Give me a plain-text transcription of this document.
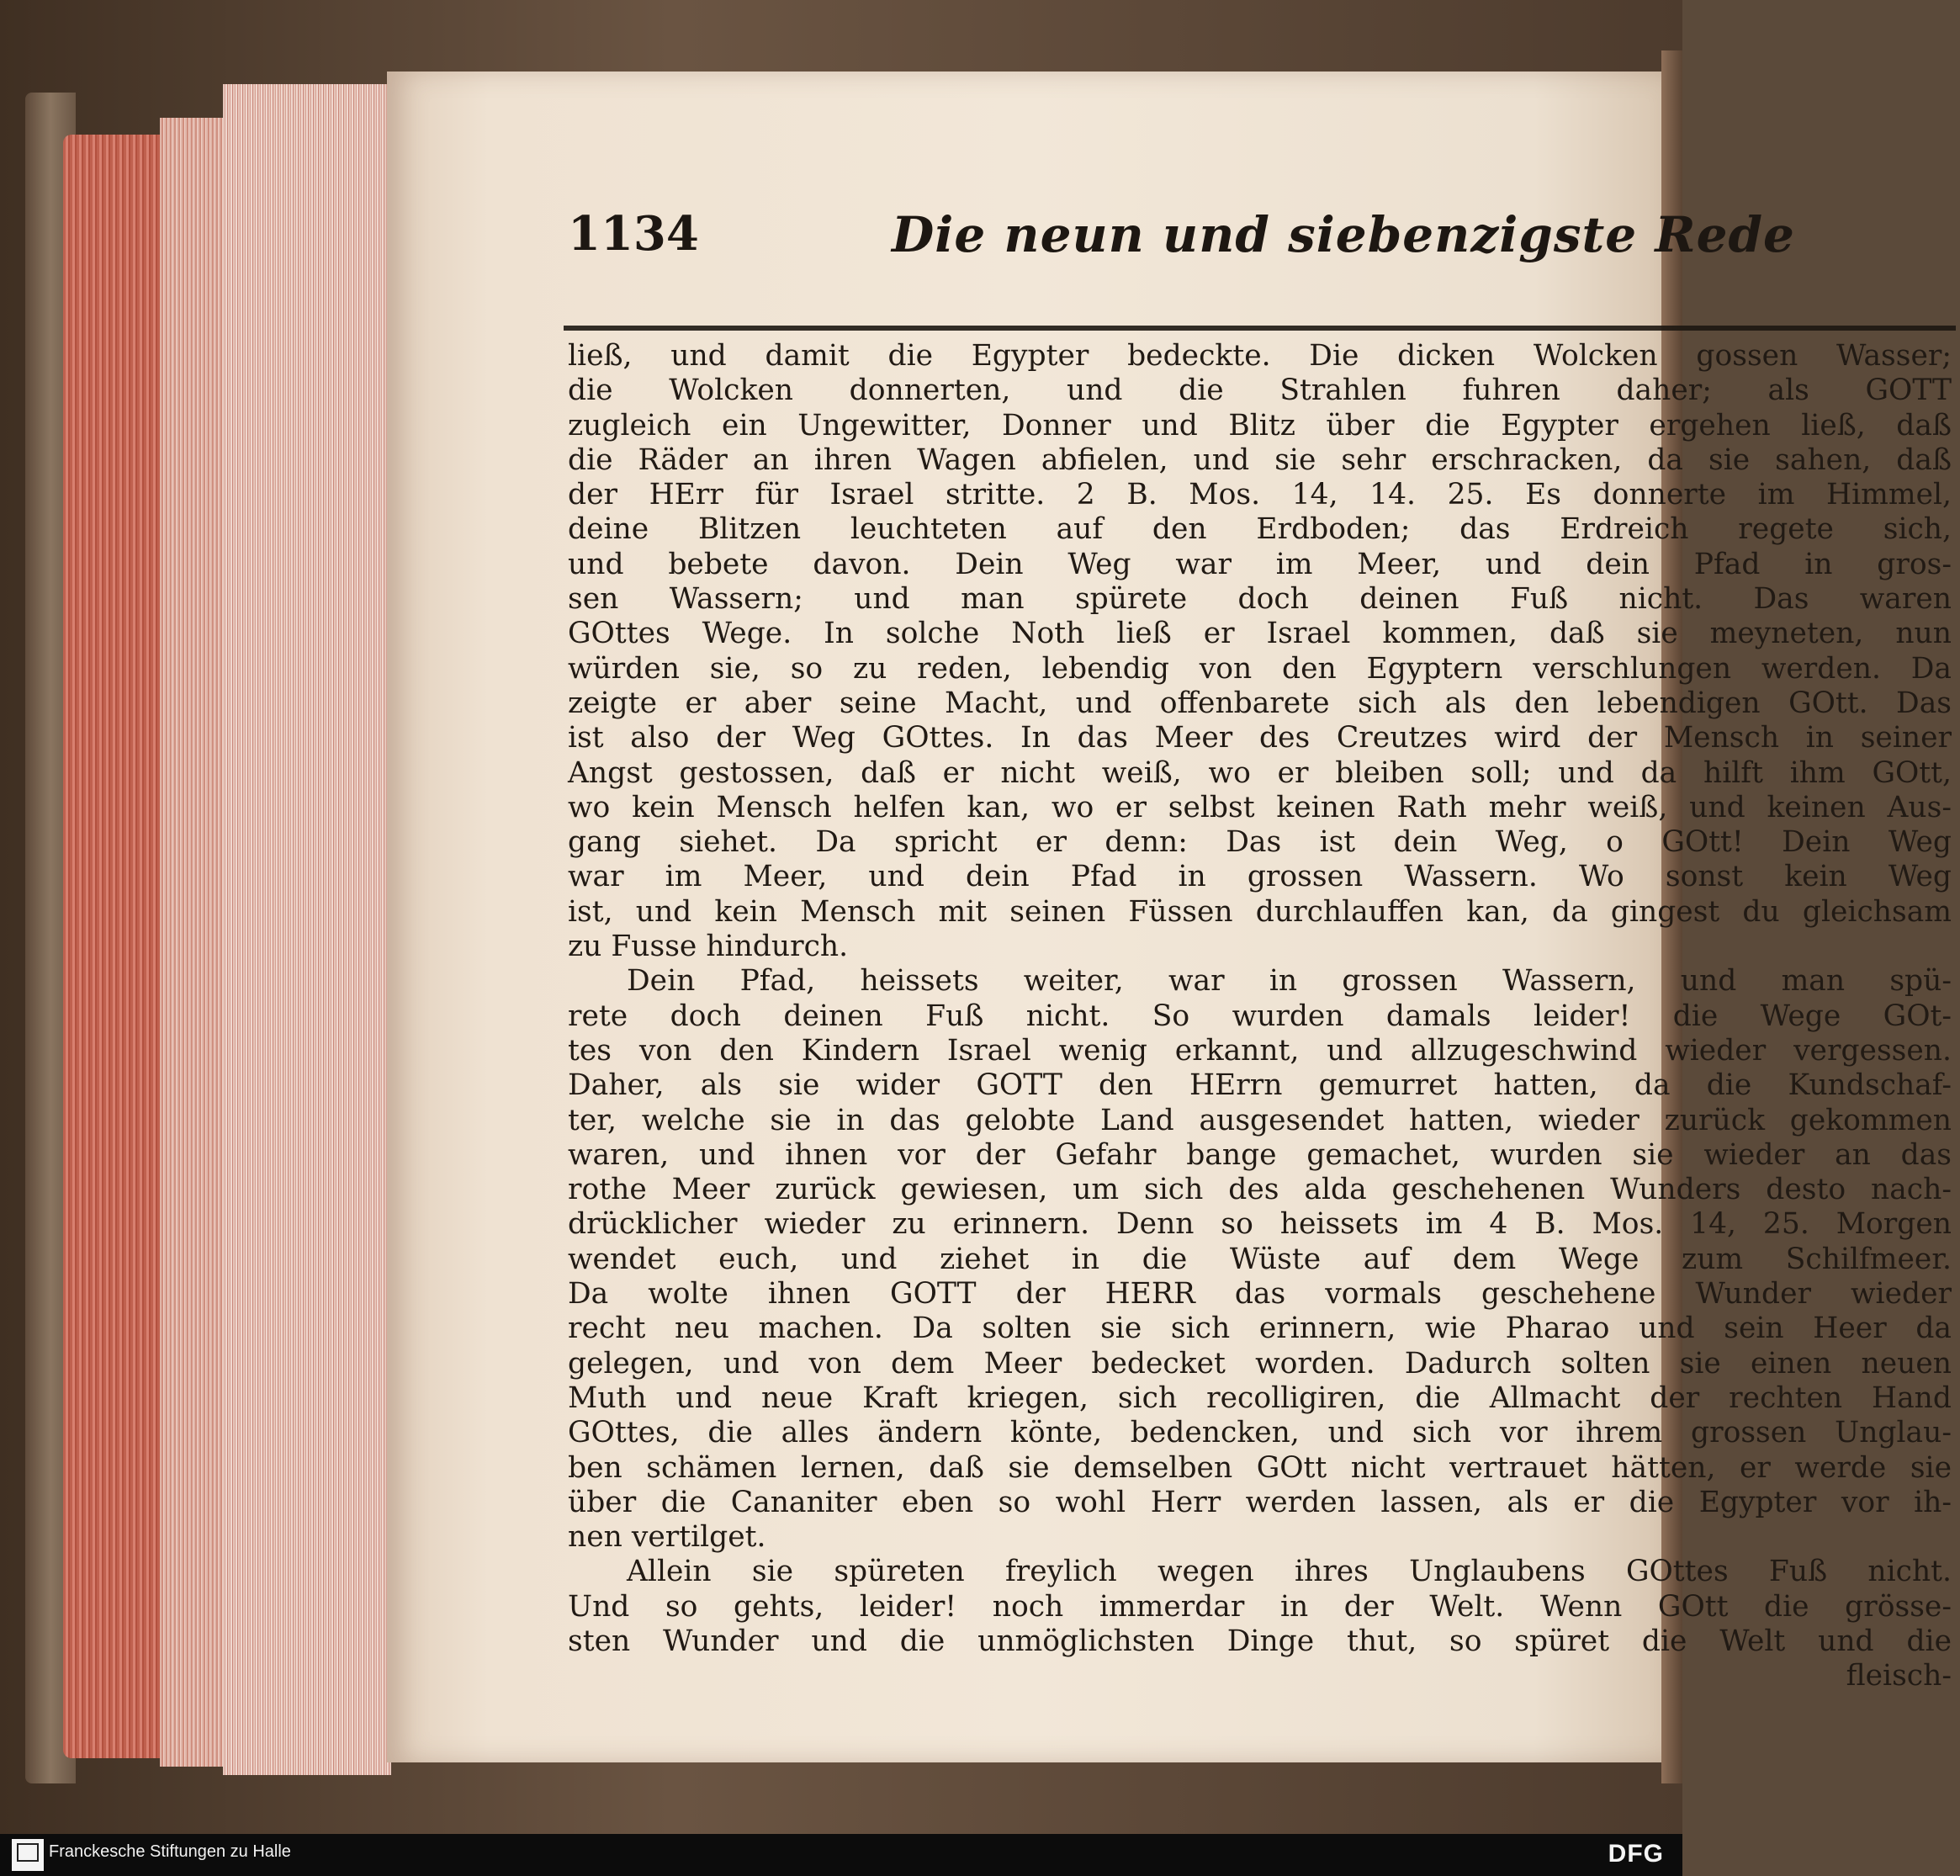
1134	Die neun und siebenzigste Rede
ließ, und damit die Egypter bedeckte. Die dicken Wolcken gossen Wasser;
die Wolcken donnerten, und die Strahlen fuhren daher; als GOTT
zugleich ein Ungewitter, Donner und Blitz über die Egypter ergehen ließ, daß
die Räder an ihren Wagen abfielen, und sie sehr erschracken, da sie sahen, daß
der HErr für Israel stritte. 2 B. Mos. 14, 14. 25. Es donnerte im Himmel,
deine Blitzen leuchteten auf den Erdboden; das Erdreich regete sich,
und bebete davon. Dein Weg war im Meer, und dein Pfad in gros-
sen Wassern; und man spürete doch deinen Fuß nicht. Das waren
GOttes Wege. In solche Noth ließ er Israel kommen, daß sie meyneten, nun
würden sie, so zu reden, lebendig von den Egyptern verschlungen werden. Da
zeigte er aber seine Macht, und offenbarete sich als den lebendigen GOtt. Das
ist also der Weg GOttes. In das Meer des Creutzes wird der Mensch in seiner
Angst gestossen, daß er nicht weiß, wo er bleiben soll; und da hilft ihm GOtt,
wo kein Mensch helfen kan, wo er selbst keinen Rath mehr weiß, und keinen Aus-
gang siehet. Da spricht er denn: Das ist dein Weg, o GOtt! Dein Weg
war im Meer, und dein Pfad in grossen Wassern. Wo sonst kein Weg
ist, und kein Mensch mit seinen Füssen durchlauffen kan, da gingest du gleichsam
zu Fusse hindurch.
Dein Pfad, heissets weiter, war in grossen Wassern, und man spü-
rete doch deinen Fuß nicht. So wurden damals leider! die Wege GOt-
tes von den Kindern Israel wenig erkannt, und allzugeschwind wieder vergessen.
Daher, als sie wider GOTT den HErrn gemurret hatten, da die Kundschaf-
ter, welche sie in das gelobte Land ausgesendet hatten, wieder zurück gekommen
waren, und ihnen vor der Gefahr bange gemachet, wurden sie wieder an das
rothe Meer zurück gewiesen, um sich des alda geschehenen Wunders desto nach-
drücklicher wieder zu erinnern. Denn so heissets im 4 B. Mos. 14, 25. Morgen
wendet euch, und ziehet in die Wüste auf dem Wege zum Schilfmeer.
Da wolte ihnen GOTT der HERR das vormals geschehene Wunder wieder
recht neu machen. Da solten sie sich erinnern, wie Pharao und sein Heer da
gelegen, und von dem Meer bedecket worden. Dadurch solten sie einen neuen
Muth und neue Kraft kriegen, sich recolligiren, die Allmacht der rechten Hand
GOttes, die alles ändern könte, bedencken, und sich vor ihrem grossen Unglau-
ben schämen lernen, daß sie demselben GOtt nicht vertrauet hätten, er werde sie
über die Cananiter eben so wohl Herr werden lassen, als er die Egypter vor ih-
nen vertilget.
Allein sie spüreten freylich wegen ihres Unglaubens GOttes Fuß nicht.
Und so gehts, leider! noch immerdar in der Welt. Wenn GOtt die grösse-
sten Wunder und die unmöglichsten Dinge thut, so spüret die Welt und die
fleisch-
Franckesche Stiftungen zu Halle	DFG
